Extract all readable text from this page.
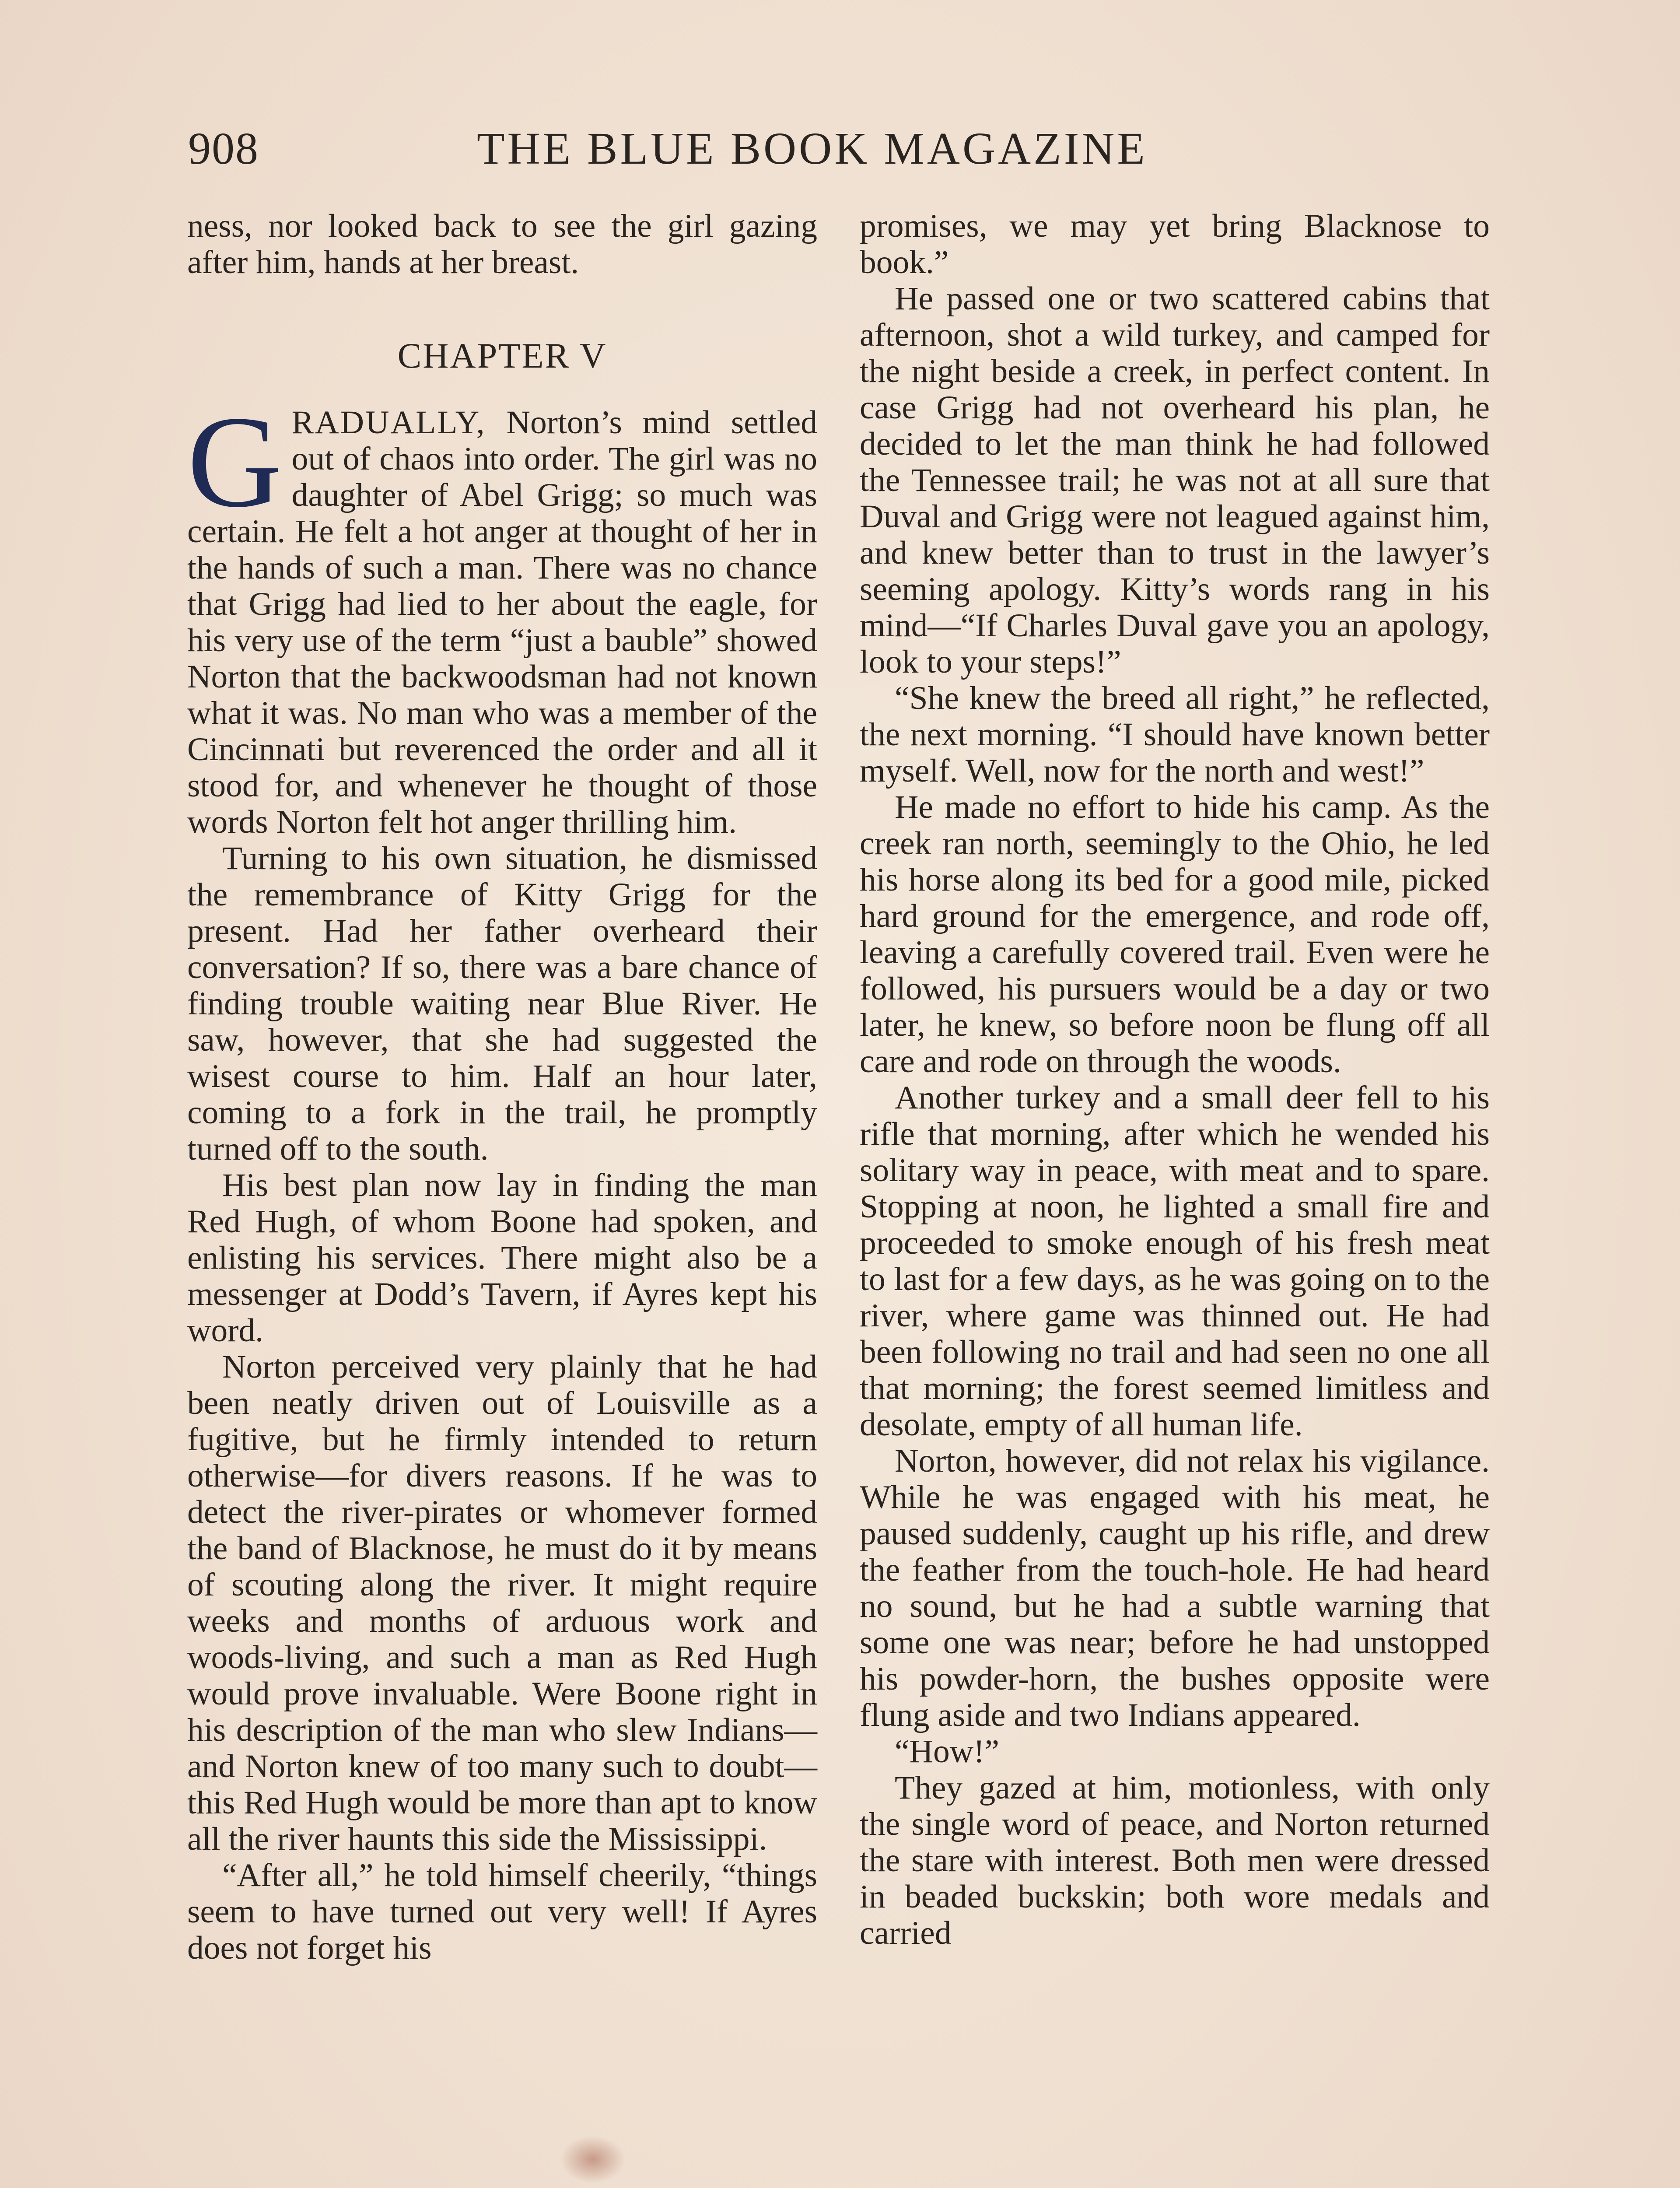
908	THE BLUE BOOK MAGAZINE

ness, nor looked back to see the girl gazing after him, hands at her breast.

CHAPTER V

GRADUALLY, Norton’s mind settled out of chaos into order. The girl was no daughter of Abel Grigg; so much was certain. He felt a hot anger at thought of her in the hands of such a man. There was no chance that Grigg had lied to her about the eagle, for his very use of the term “just a bauble” showed Norton that the backwoodsman had not known what it was. No man who was a member of the Cincinnati but reverenced the order and all it stood for, and whenever he thought of those words Norton felt hot anger thrilling him.

Turning to his own situation, he dismissed the remembrance of Kitty Grigg for the present. Had her father overheard their conversation? If so, there was a bare chance of finding trouble waiting near Blue River. He saw, however, that she had suggested the wisest course to him. Half an hour later, coming to a fork in the trail, he promptly turned off to the south.

His best plan now lay in finding the man Red Hugh, of whom Boone had spoken, and enlisting his services. There might also be a messenger at Dodd’s Tavern, if Ayres kept his word.

Norton perceived very plainly that he had been neatly driven out of Louisville as a fugitive, but he firmly intended to return otherwise—for divers reasons. If he was to detect the river-pirates or whomever formed the band of Blacknose, he must do it by means of scouting along the river. It might require weeks and months of arduous work and woods-living, and such a man as Red Hugh would prove invaluable. Were Boone right in his description of the man who slew Indians—and Norton knew of too many such to doubt—this Red Hugh would be more than apt to know all the river haunts this side the Mississippi.

“After all,” he told himself cheerily, “things seem to have turned out very well! If Ayres does not forget his

promises, we may yet bring Blacknose to book.”

He passed one or two scattered cabins that afternoon, shot a wild turkey, and camped for the night beside a creek, in perfect content. In case Grigg had not overheard his plan, he decided to let the man think he had followed the Tennessee trail; he was not at all sure that Duval and Grigg were not leagued against him, and knew better than to trust in the lawyer’s seeming apology. Kitty’s words rang in his mind—“If Charles Duval gave you an apology, look to your steps!”

“She knew the breed all right,” he reflected, the next morning. “I should have known better myself. Well, now for the north and west!”

He made no effort to hide his camp. As the creek ran north, seemingly to the Ohio, he led his horse along its bed for a good mile, picked hard ground for the emergence, and rode off, leaving a carefully covered trail. Even were he followed, his pursuers would be a day or two later, he knew, so before noon be flung off all care and rode on through the woods.

Another turkey and a small deer fell to his rifle that morning, after which he wended his solitary way in peace, with meat and to spare. Stopping at noon, he lighted a small fire and proceeded to smoke enough of his fresh meat to last for a few days, as he was going on to the river, where game was thinned out. He had been following no trail and had seen no one all that morning; the forest seemed limitless and desolate, empty of all human life.

Norton, however, did not relax his vigilance. While he was engaged with his meat, he paused suddenly, caught up his rifle, and drew the feather from the touch-hole. He had heard no sound, but he had a subtle warning that some one was near; before he had unstopped his powder-horn, the bushes opposite were flung aside and two Indians appeared.

“How!”

They gazed at him, motionless, with only the single word of peace, and Norton returned the stare with interest. Both men were dressed in beaded buckskin; both wore medals and carried
